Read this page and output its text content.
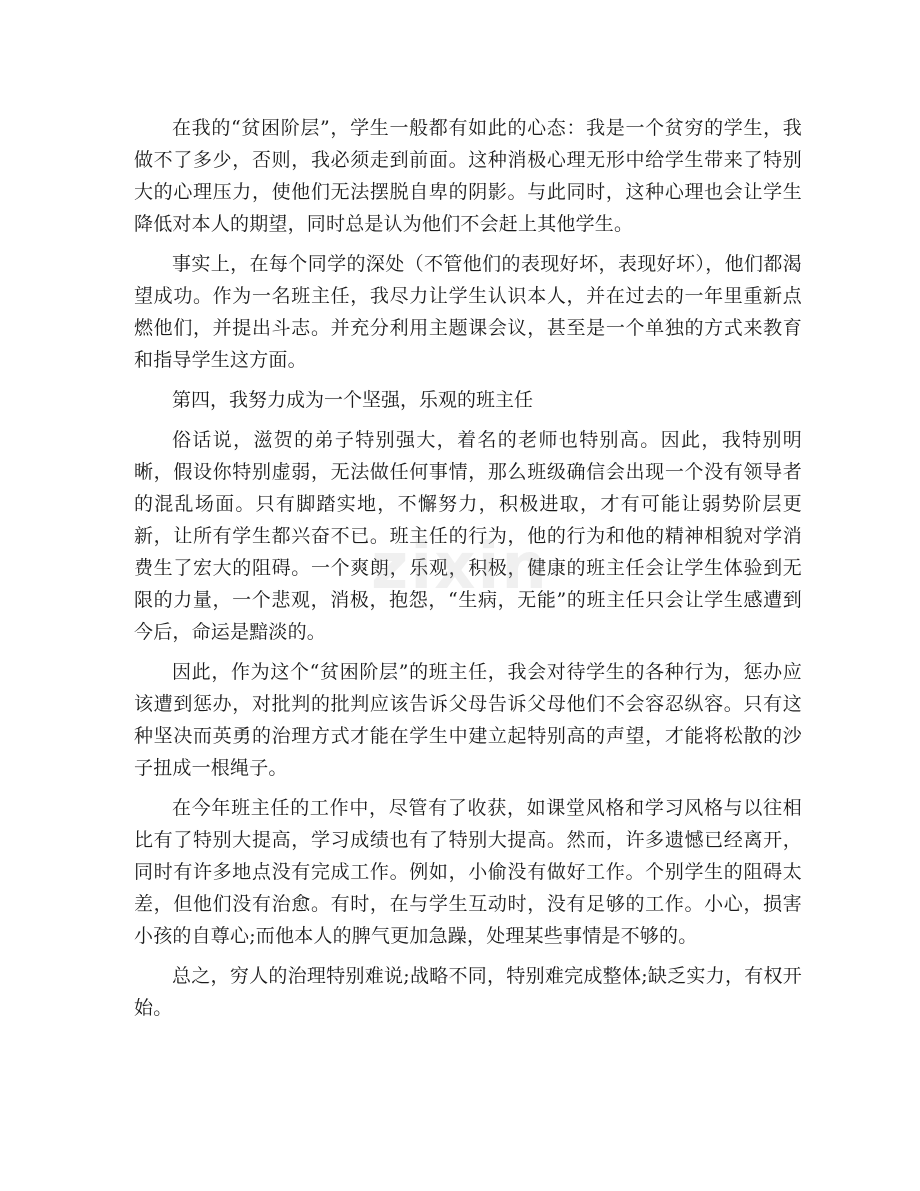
在我的“贫困阶层”，学生一般都有如此的心态：我是一个贫穷的学生，我做不了多少，否则，我必须走到前面。这种消极心理无形中给学生带来了特别大的心理压力，使他们无法摆脱自卑的阴影。与此同时，这种心理也会让学生降低对本人的期望，同时总是认为他们不会赶上其他学生。

事实上，在每个同学的深处（不管他们的表现好坏，表现好坏），他们都渴望成功。作为一名班主任，我尽力让学生认识本人，并在过去的一年里重新点燃他们，并提出斗志。并充分利用主题课会议，甚至是一个单独的方式来教育和指导学生这方面。

第四，我努力成为一个坚强，乐观的班主任

俗话说，滋贺的弟子特别强大，着名的老师也特别高。因此，我特别明晰，假设你特别虚弱，无法做任何事情，那么班级确信会出现一个没有领导者的混乱场面。只有脚踏实地，不懈努力，积极进取，才有可能让弱势阶层更新，让所有学生都兴奋不已。班主任的行为，他的行为和他的精神相貌对学消费生了宏大的阻碍。一个爽朗，乐观，积极，健康的班主任会让学生体验到无限的力量，一个悲观，消极，抱怨，“生病，无能”的班主任只会让学生感遭到今后，命运是黯淡的。

因此，作为这个“贫困阶层”的班主任，我会对待学生的各种行为，惩办应该遭到惩办，对批判的批判应该告诉父母告诉父母他们不会容忍纵容。只有这种坚决而英勇的治理方式才能在学生中建立起特别高的声望，才能将松散的沙子扭成一根绳子。

在今年班主任的工作中，尽管有了收获，如课堂风格和学习风格与以往相比有了特别大提高，学习成绩也有了特别大提高。然而，许多遗憾已经离开，同时有许多地点没有完成工作。例如，小偷没有做好工作。个别学生的阻碍太差，但他们没有治愈。有时，在与学生互动时，没有足够的工作。小心，损害小孩的自尊心;而他本人的脾气更加急躁，处理某些事情是不够的。

总之，穷人的治理特别难说;战略不同，特别难完成整体;缺乏实力，有权开始。

zixin
